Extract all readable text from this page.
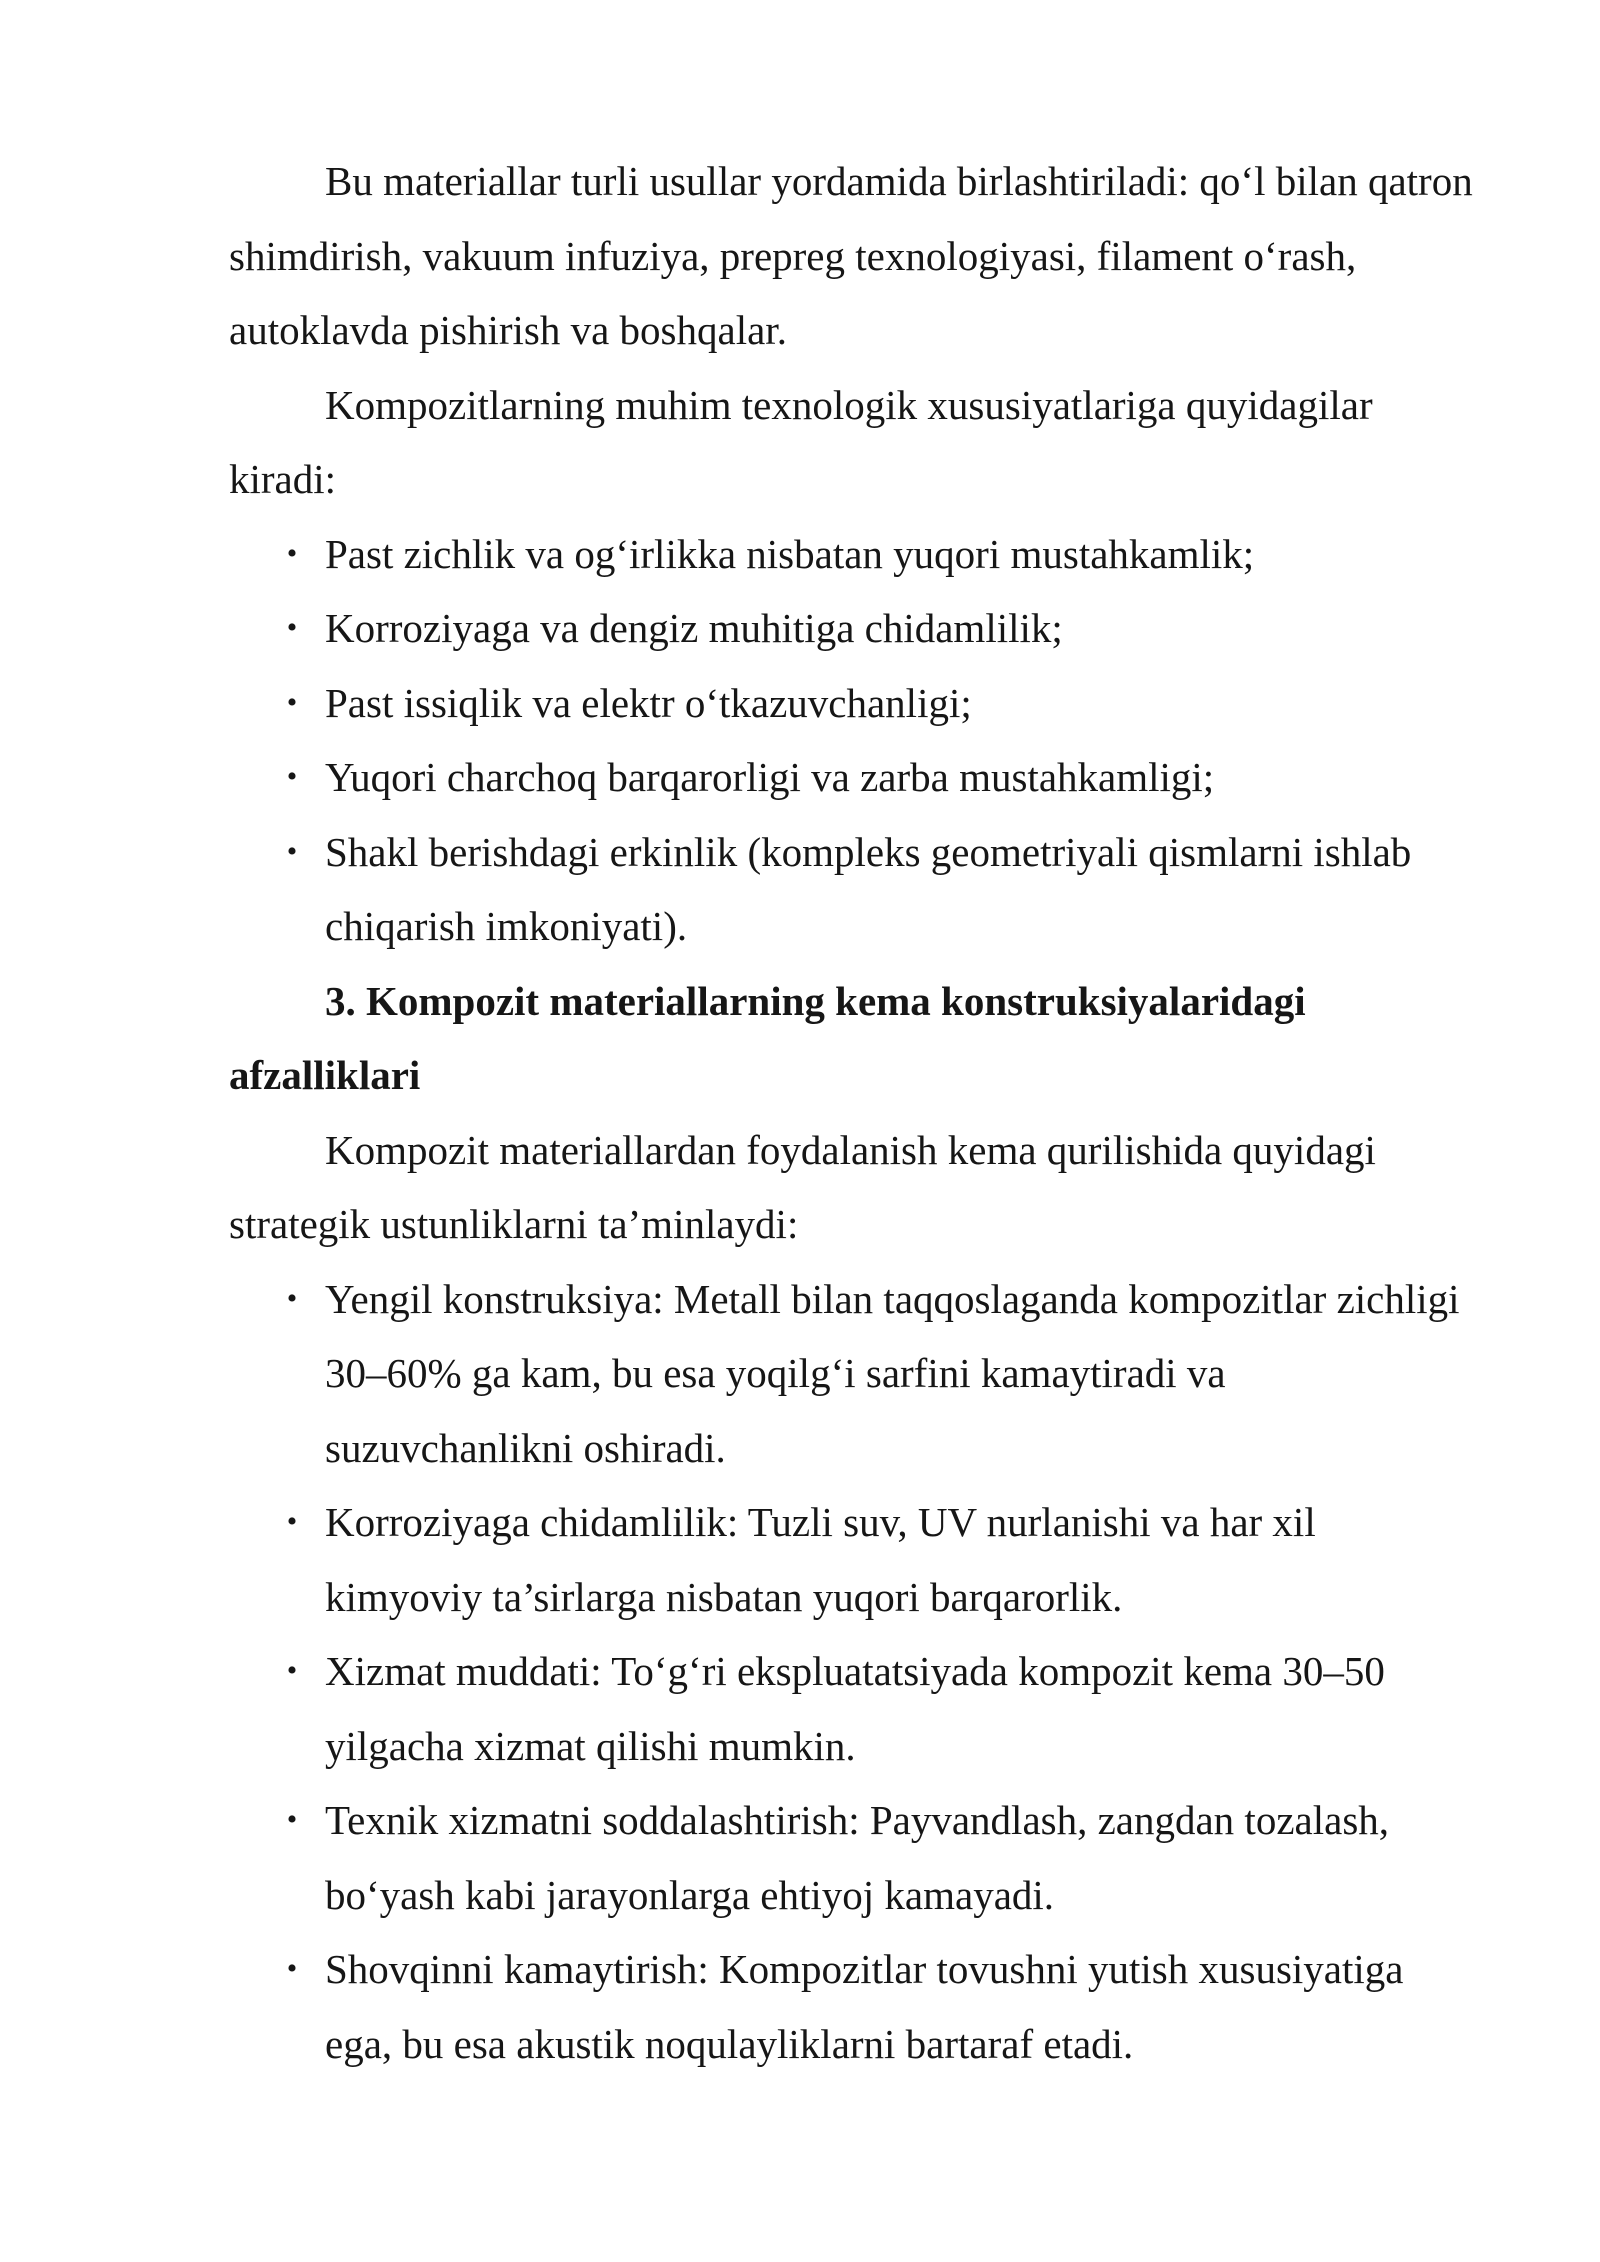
Bu materiallar turli usullar yordamida birlashtiriladi: qo‘l bilan qatron shimdirish, vakuum infuziya, prepreg texnologiyasi, filament o‘rash, autoklavda pishirish va boshqalar.

Kompozitlarning muhim texnologik xususiyatlariga quyidagilar kiradi:

• Past zichlik va og‘irlikka nisbatan yuqori mustahkamlik;
• Korroziyaga va dengiz muhitiga chidamlilik;
• Past issiqlik va elektr o‘tkazuvchanligi;
• Yuqori charchoq barqarorligi va zarba mustahkamligi;
• Shakl berishdagi erkinlik (kompleks geometriyali qismlarni ishlab chiqarish imkoniyati).

3. Kompozit materiallarning kema konstruksiyalaridagi afzalliklari

Kompozit materiallardan foydalanish kema qurilishida quyidagi strategik ustunliklarni ta’minlaydi:

• Yengil konstruksiya: Metall bilan taqqoslaganda kompozitlar zichligi 30–60% ga kam, bu esa yoqilg‘i sarfini kamaytiradi va suzuvchanlikni oshiradi.
• Korroziyaga chidamlilik: Tuzli suv, UV nurlanishi va har xil kimyoviy ta’sirlarga nisbatan yuqori barqarorlik.
• Xizmat muddati: To‘g‘ri ekspluatatsiyada kompozit kema 30–50 yilgacha xizmat qilishi mumkin.
• Texnik xizmatni soddalashtirish: Payvandlash, zangdan tozalash, bo‘yash kabi jarayonlarga ehtiyoj kamayadi.
• Shovqinni kamaytirish: Kompozitlar tovushni yutish xususiyatiga ega, bu esa akustik noqulayliklarni bartaraf etadi.
